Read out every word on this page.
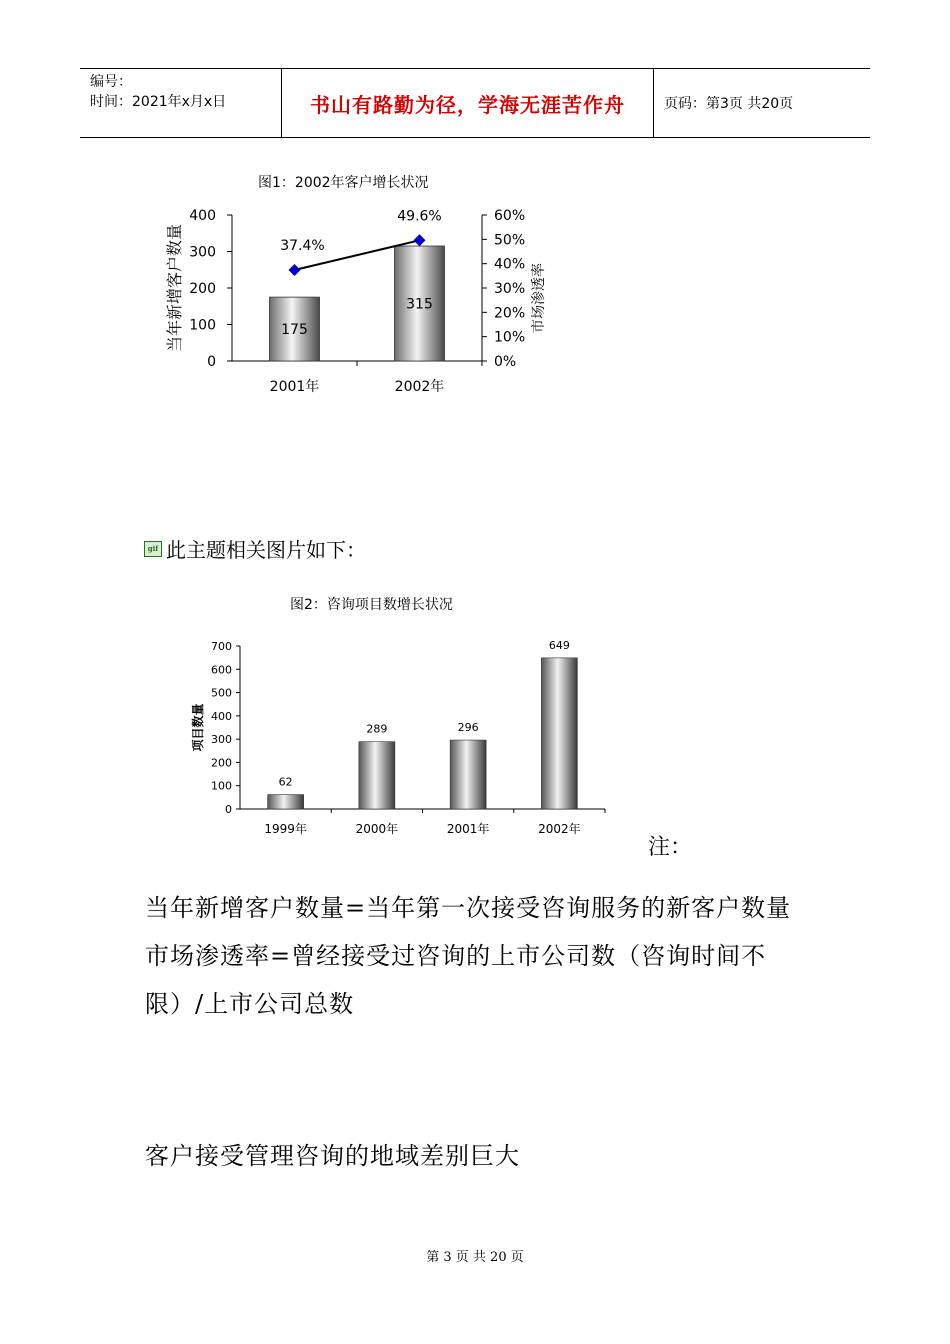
编号：
时间：2021年x月x日	书山有路勤为径，学海无涯苦作舟	页码：第3页 共20页
图1：2002年客户增长状况
0
100
200
300
400
0%
10%
20%
30%
40%
50%
60%
175
2001年
315
2002年
37.4%
49.6%
当年新增客户数量	市场渗透率
gif 此主题相关图片如下：
图2：咨询项目数增长状况
0
100
200
300
400
500
600
700
62
1999年
289
2000年
296
2001年
649
2002年
项目数量
注：
当年新增客户数量=当年第一次接受咨询服务的新客户数量
市场渗透率=曾经接受过咨询的上市公司数（咨询时间不
限）/上市公司总数
客户接受管理咨询的地域差别巨大
第 3 页 共 20 页
